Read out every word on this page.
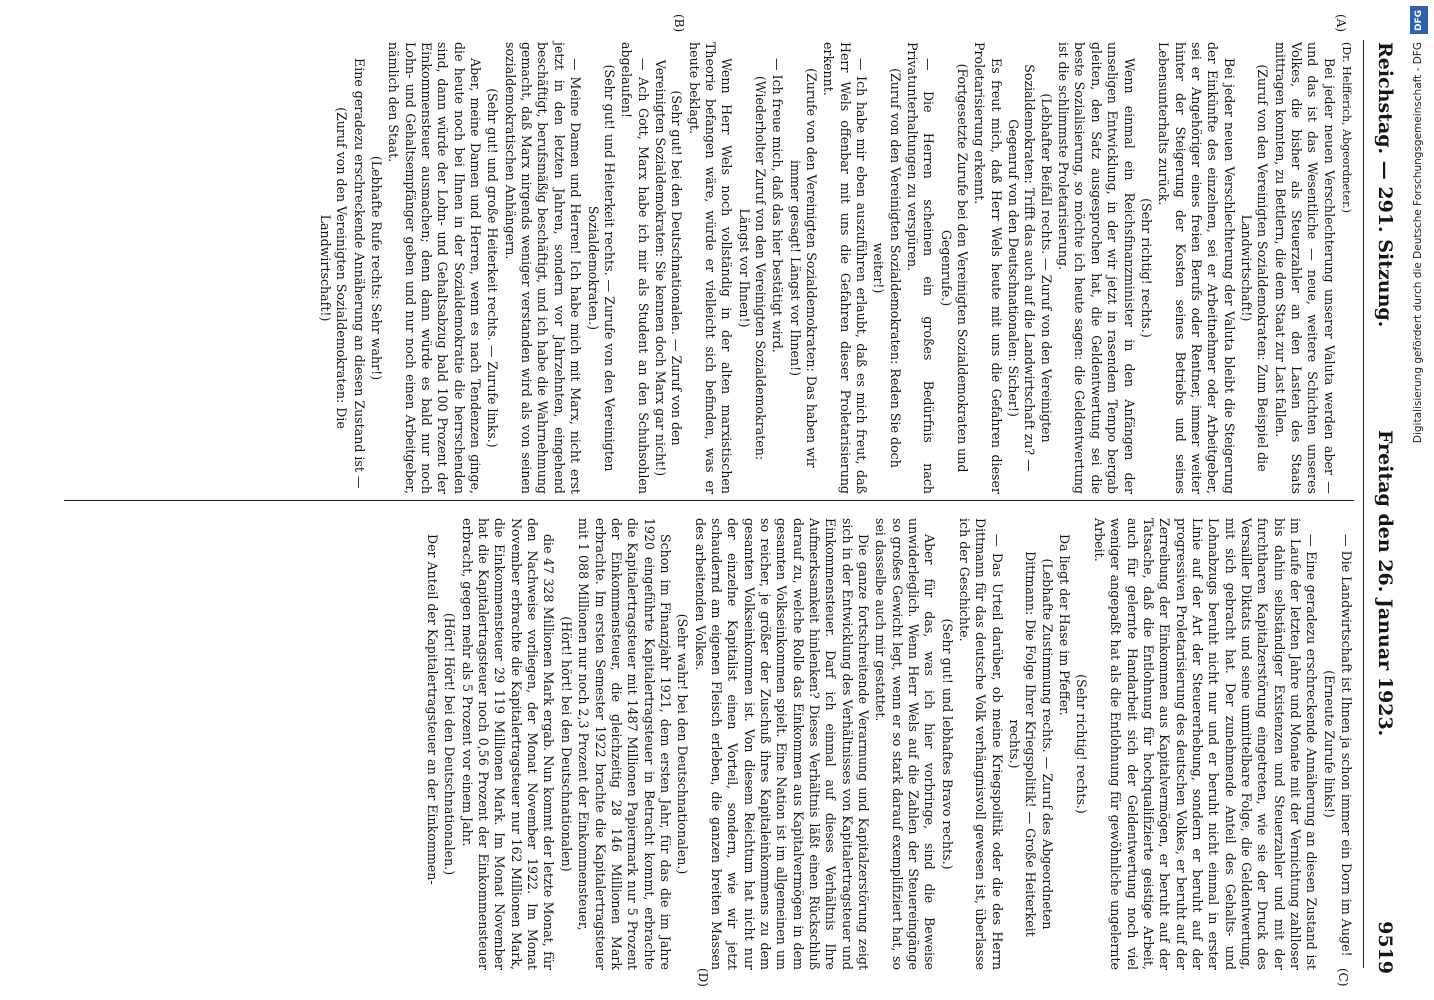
Reichstag. — 291. Sitzung.
Freitag den 26. Januar 1923.
9519
(A)
(B)
(C)
(D)

(Dr. Helfferich, Abgeordneter.)

Bei jeder neuen Verschlechterung unserer Valuta werden aber — und das ist das Wesentliche — neue, weitere Schichten unseres Volkes, die bisher als Steuerzahler an den Lasten des Staats mittragen konnten, zu Bettlern, die dem Staat zur Last fallen.

(Zuruf von den Vereinigten Sozialdemokraten: Zum Beispiel die Landwirtschaft!)

Bei jeder neuen Verschlechterung der Valuta bleibt die Steigerung der Einkünfte des einzelnen, sei er Arbeitnehmer oder Arbeitgeber, sei er Angehöriger eines freien Berufs oder Rentner, immer weiter hinter der Steigerung der Kosten seines Betriebs und seines Lebensunterhalts zurück.

(Sehr richtig! rechts.)

Wenn einmal ein Reichsfinanzminister in den Anfängen der unseligen Entwicklung, in der wir jetzt in rasendem Tempo bergab gleiten, den Satz ausgesprochen hat, die Geldentwertung sei die beste Sozialisierung, so möchte ich heute sagen: die Geldentwertung ist die schlimmste Proletarisierung.

(Lebhafter Beifall rechts. — Zuruf von den Vereinigten Sozialdemokraten: Trifft das auch auf die Landwirtschaft zu? — Gegenruf von den Deutschnationalen: Sicher!)

Es freut mich, daß Herr Wels heute mit uns die Gefahren dieser Proletarisierung erkennt.

(Fortgesetzte Zurufe bei den Vereinigten Sozialdemokraten und Gegenrufe.)

— Die Herren scheinen ein großes Bedürfnis nach Privatunterhaltungen zu verspüren.

(Zuruf von den Vereinigten Sozialdemokraten: Reden Sie doch weiter!)

— Ich habe mir eben auszuführen erlaubt, daß es mich freut, daß Herr Wels offenbar mit uns die Gefahren dieser Proletarisierung erkennt.

(Zurufe von den Vereinigten Sozialdemokraten: Das haben wir immer gesagt! Längst vor Ihnen!)

— Ich freue mich, daß das hier bestätigt wird.

(Wiederholter Zuruf von den Vereinigten Sozialdemokraten: Längst vor Ihnen!)

Wenn Herr Wels noch vollständig in der alten marxistischen Theorie befangen wäre, würde er vielleicht sich befinden, was er heute beklagt.

(Sehr gut! bei den Deutschnationalen. — Zuruf von den Vereinigten Sozialdemokraten: Sie kennen doch Marx gar nicht!)

— Ach Gott, Marx habe ich mir als Student an den Schuhsohlen abgelaufen!

(Sehr gut! und Heiterkeit rechts. — Zurufe von den Vereinigten Sozialdemokraten.)

— Meine Damen und Herren! Ich habe mich mit Marx, nicht erst jetzt in den letzten Jahren, sondern vor Jahrzehnten, eingehend beschäftigt, berufsmäßig beschäftigt, und ich habe die Wahrnehmung gemacht, daß Marx nirgends weniger verstanden wird als von seinen sozialdemokratischen Anhängern.

(Sehr gut! und große Heiterkeit rechts. — Zurufe links.)

Aber, meine Damen und Herren, wenn es nach Tendenzen ginge, die heute noch bei Ihnen in der Sozialdemokratie die herrschenden sind, dann würde der Lohn- und Gehaltsabzug bald 100 Prozent der Einkommensteuer ausmachen; denn dann würde es bald nur noch Lohn- und Gehaltsempfänger geben und nur noch einen Arbeitgeber, nämlich den Staat.

(Lebhafte Rufe rechts: Sehr wahr!)

Eine geradezu erschreckende Annäherung an diesen Zustand ist —

(Zuruf von den Vereinigten Sozialdemokraten: Die Landwirtschaft!)

— Die Landwirtschaft ist Ihnen ja schon immer ein Dorn im Auge!

(Erneute Zurufe links!)

— Eine geradezu erschreckende Annäherung an diesen Zustand ist im Laufe der letzten Jahre und Monate mit der Vernichtung zahlloser bis dahin selbständiger Existenzen und Steuerzahler und mit der furchtbaren Kapitalzerstörung eingetreten, wie sie der Druck des Versailler Diktats und seine unmittelbare Folge, die Geldentwertung, mit sich gebracht hat. Der zunehmende Anteil des Gehalts- und Lohnabzugs beruht nicht nur und er beruht nicht einmal in erster Linie auf der Art der Steuererhebung, sondern er beruht auf der progressiven Proletarisierung des deutschen Volkes, er beruht auf der Zerreibung der Einkommen aus Kapitalvermögen, er beruht auf der Tatsache, daß die Entlohnung für hochqualifizierte geistige Arbeit, auch für gelernte Handarbeit sich der Geldentwertung noch viel weniger angepaßt hat als die Entlohnung für gewöhnliche ungelernte Arbeit.

(Sehr richtig! rechts.)

Da liegt der Hase im Pfeffer.

(Lebhafte Zustimmung rechts. — Zuruf des Abgeordneten Dittmann: Die Folge Ihrer Kriegspolitik! — Große Heiterkeit rechts.)

— Das Urteil darüber, ob meine Kriegspolitik oder die des Herrn Dittmann für das deutsche Volk verhängnisvoll gewesen ist, überlasse ich der Geschichte.

(Sehr gut! und lebhaftes Bravo rechts.)

Aber für das, was ich hier vorbringe, sind die Beweise unwiderleglich. Wenn Herr Wels auf die Zahlen der Steuereingänge so großes Gewicht legt, wenn er so stark darauf exemplifiziert hat, so sei dasselbe auch mir gestattet.

Die ganze fortschreitende Verarmung und Kapitalzerstörung zeigt sich in der Entwicklung des Verhältnisses von Kapitalertragsteuer und Einkommensteuer. Darf ich einmal auf dieses Verhältnis Ihre Aufmerksamkeit hinlenken? Dieses Verhältnis läßt einen Rückschluß darauf zu, welche Rolle das Einkommen aus Kapitalvermögen in dem gesamten Volkseinkommen spielt. Eine Nation ist im allgemeinen um so reicher, je größer der Zuschuß ihres Kapitaleinkommens zu dem gesamten Volkseinkommen ist. Von diesem Reichtum hat nicht nur der einzelne Kapitalist einen Vorteil, sondern, wie wir jetzt schaudernd am eigenen Fleisch erleben, die ganzen breiten Massen des arbeitenden Volkes.

(Sehr wahr! bei den Deutschnationalen.)

Schon im Finanzjahr 1921, dem ersten Jahr, für das die im Jahre 1920 eingeführte Kapitalertragsteuer in Betracht kommt, erbrachte die Kapitalertragsteuer mit 1487 Millionen Papiermark nur 5 Prozent der Einkommensteuer, die gleichzeitig 28 146 Millionen Mark erbrachte. Im ersten Semester 1922 brachte die Kapitalertragsteuer mit 1 088 Millionen nur noch 2,3 Prozent der Einkommensteuer,

(Hört! hört! bei den Deutschnationalen)

die 47 328 Millionen Mark ergab. Nun kommt der letzte Monat, für den Nachweise vorliegen, der Monat November 1922. Im Monat November erbrachte die Kapitalertragsteuer nur 162 Millionen Mark, die Einkommensteuer 29 119 Millionen Mark. Im Monat November hat die Kapitalertragsteuer noch 0,56 Prozent der Einkommensteuer erbracht, gegen mehr als 5 Prozent vor einem Jahr.

(Hört! Hört! bei den Deutschnationalen.)

Der Anteil der Kapitalertragsteuer an der Einkommen-

DFG
Digitalisierung gefördert durch die Deutsche Forschungsgemeinschaft - DFG
